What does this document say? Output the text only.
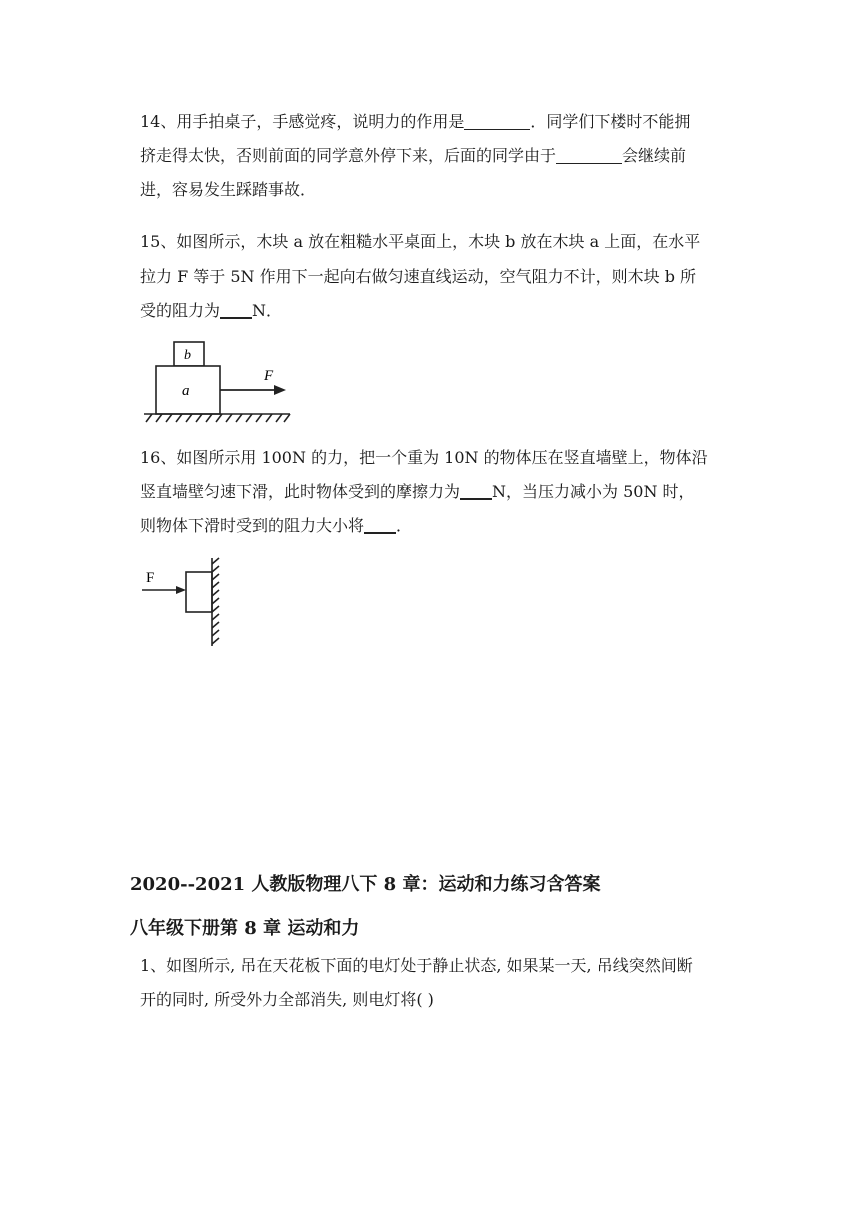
14、用手拍桌子，手感觉疼，说明力的作用是	．同学们下楼时不能拥
挤走得太快，否则前面的同学意外停下来，后面的同学由于	会继续前
进，容易发生踩踏事故．
15、如图所示，木块 a 放在粗糙水平桌面上，木块 b 放在木块 a 上面，在水平
拉力 F 等于 5N 作用下一起向右做匀速直线运动，空气阻力不计，则木块 b 所
受的阻力为 N．
b
a
F
16、如图所示用 100N 的力，把一个重为 10N 的物体压在竖直墙壁上，物体沿
竖直墙壁匀速下滑，此时物体受到的摩擦力为 N，当压力减小为 50N 时，
则物体下滑时受到的阻力大小将 ．
F
2020--2021 人教版物理八下 8 章：运动和力练习含答案
八年级下册第 8 章 运动和力
1、如图所示, 吊在天花板下面的电灯处于静止状态, 如果某一天, 吊线突然间断
开的同时, 所受外力全部消失, 则电灯将( )
